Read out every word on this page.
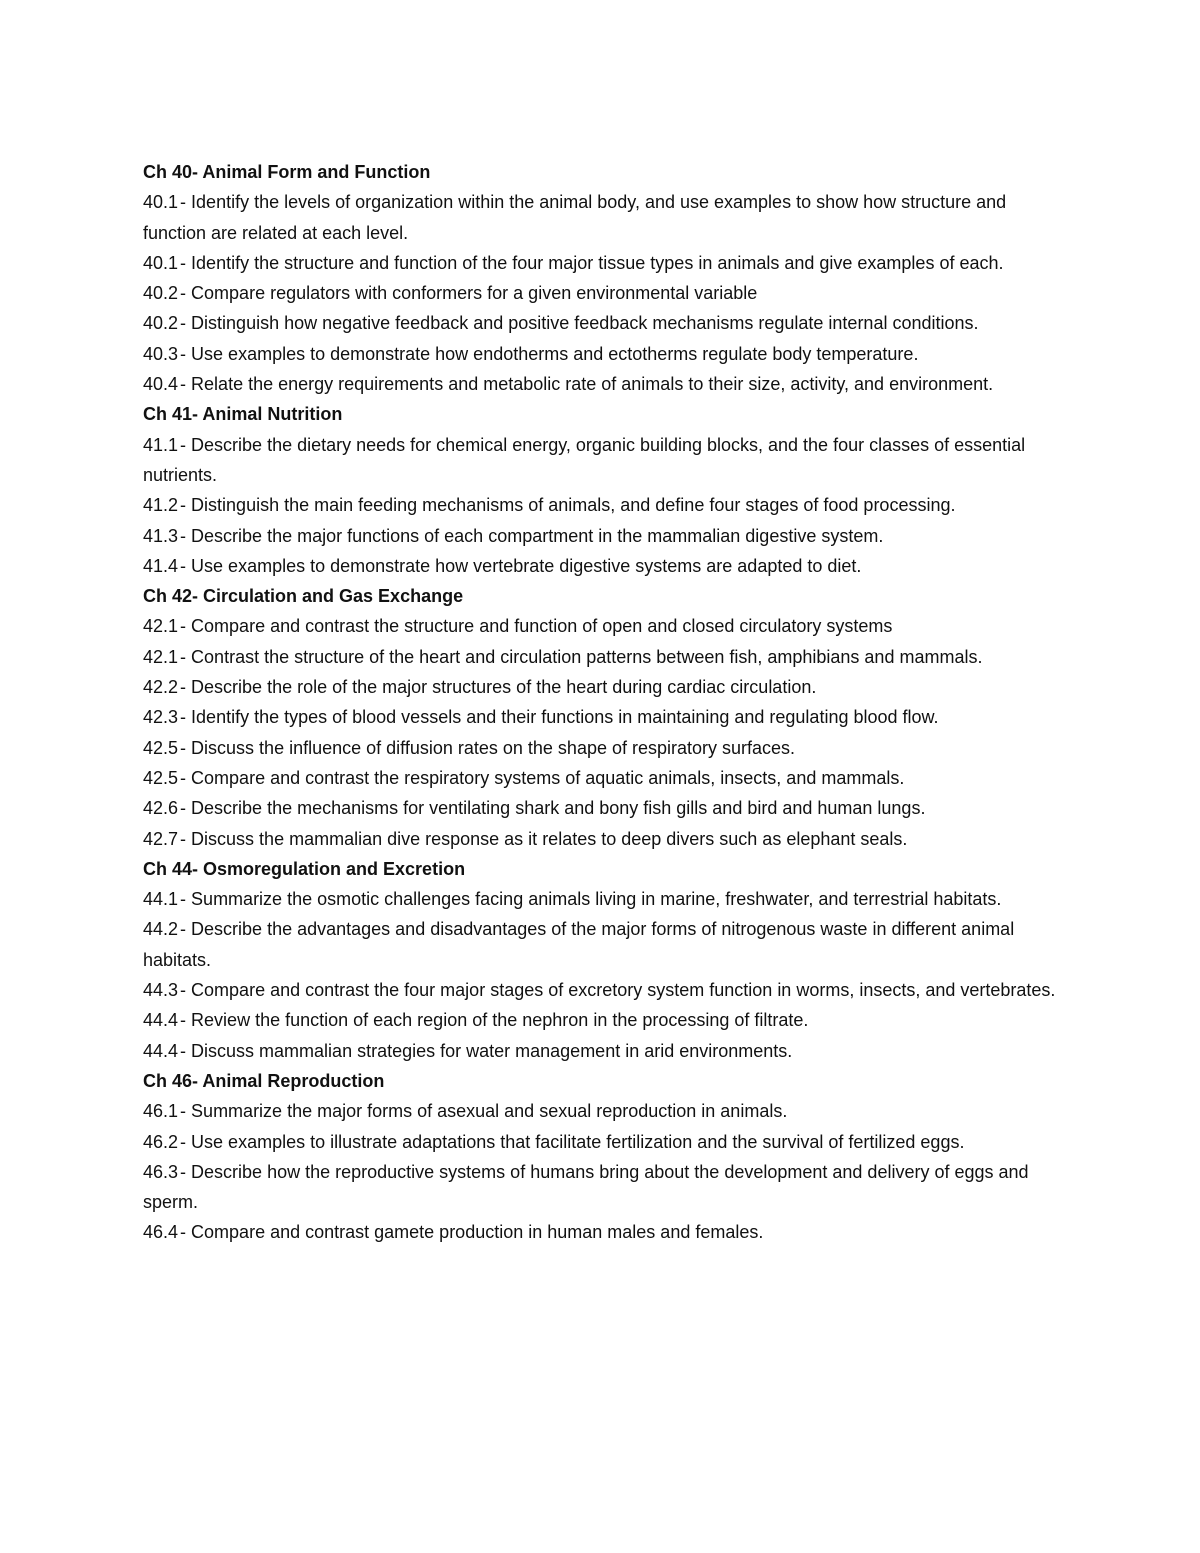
Ch 40- Animal Form and Function

40.1 - Identify the levels of organization within the animal body, and use examples to show how structure and function are related at each level.

40.1 - Identify the structure and function of the four major tissue types in animals and give examples of each.

40.2 - Compare regulators with conformers for a given environmental variable

40.2 - Distinguish how negative feedback and positive feedback mechanisms regulate internal conditions.

40.3 - Use examples to demonstrate how endotherms and ectotherms regulate body temperature.

40.4 - Relate the energy requirements and metabolic rate of animals to their size, activity, and environment.

Ch 41- Animal Nutrition

41.1 - Describe the dietary needs for chemical energy, organic building blocks, and the four classes of essential nutrients.

41.2 - Distinguish the main feeding mechanisms of animals, and define four stages of food processing.

41.3 - Describe the major functions of each compartment in the mammalian digestive system.

41.4 - Use examples to demonstrate how vertebrate digestive systems are adapted to diet.

Ch 42- Circulation and Gas Exchange

42.1 - Compare and contrast the structure and function of open and closed circulatory systems

42.1 - Contrast the structure of the heart and circulation patterns between fish, amphibians and mammals.

42.2 - Describe the role of the major structures of the heart during cardiac circulation.

42.3 - Identify the types of blood vessels and their functions in maintaining and regulating blood flow.

42.5 - Discuss the influence of diffusion rates on the shape of respiratory surfaces.

42.5 - Compare and contrast the respiratory systems of aquatic animals, insects, and mammals.

42.6 - Describe the mechanisms for ventilating shark and bony fish gills and bird and human lungs.

42.7 - Discuss the mammalian dive response as it relates to deep divers such as elephant seals.

Ch 44- Osmoregulation and Excretion

44.1 - Summarize the osmotic challenges facing animals living in marine, freshwater, and terrestrial habitats.

44.2 - Describe the advantages and disadvantages of the major forms of nitrogenous waste in different animal habitats.

44.3 - Compare and contrast the four major stages of excretory system function in worms, insects, and vertebrates.

44.4 - Review the function of each region of the nephron in the processing of filtrate.

44.4 - Discuss mammalian strategies for water management in arid environments.

Ch 46- Animal Reproduction

46.1 - Summarize the major forms of asexual and sexual reproduction in animals.

46.2 - Use examples to illustrate adaptations that facilitate fertilization and the survival of fertilized eggs.

46.3 - Describe how the reproductive systems of humans bring about the development and delivery of eggs and sperm.

46.4 - Compare and contrast gamete production in human males and females.
